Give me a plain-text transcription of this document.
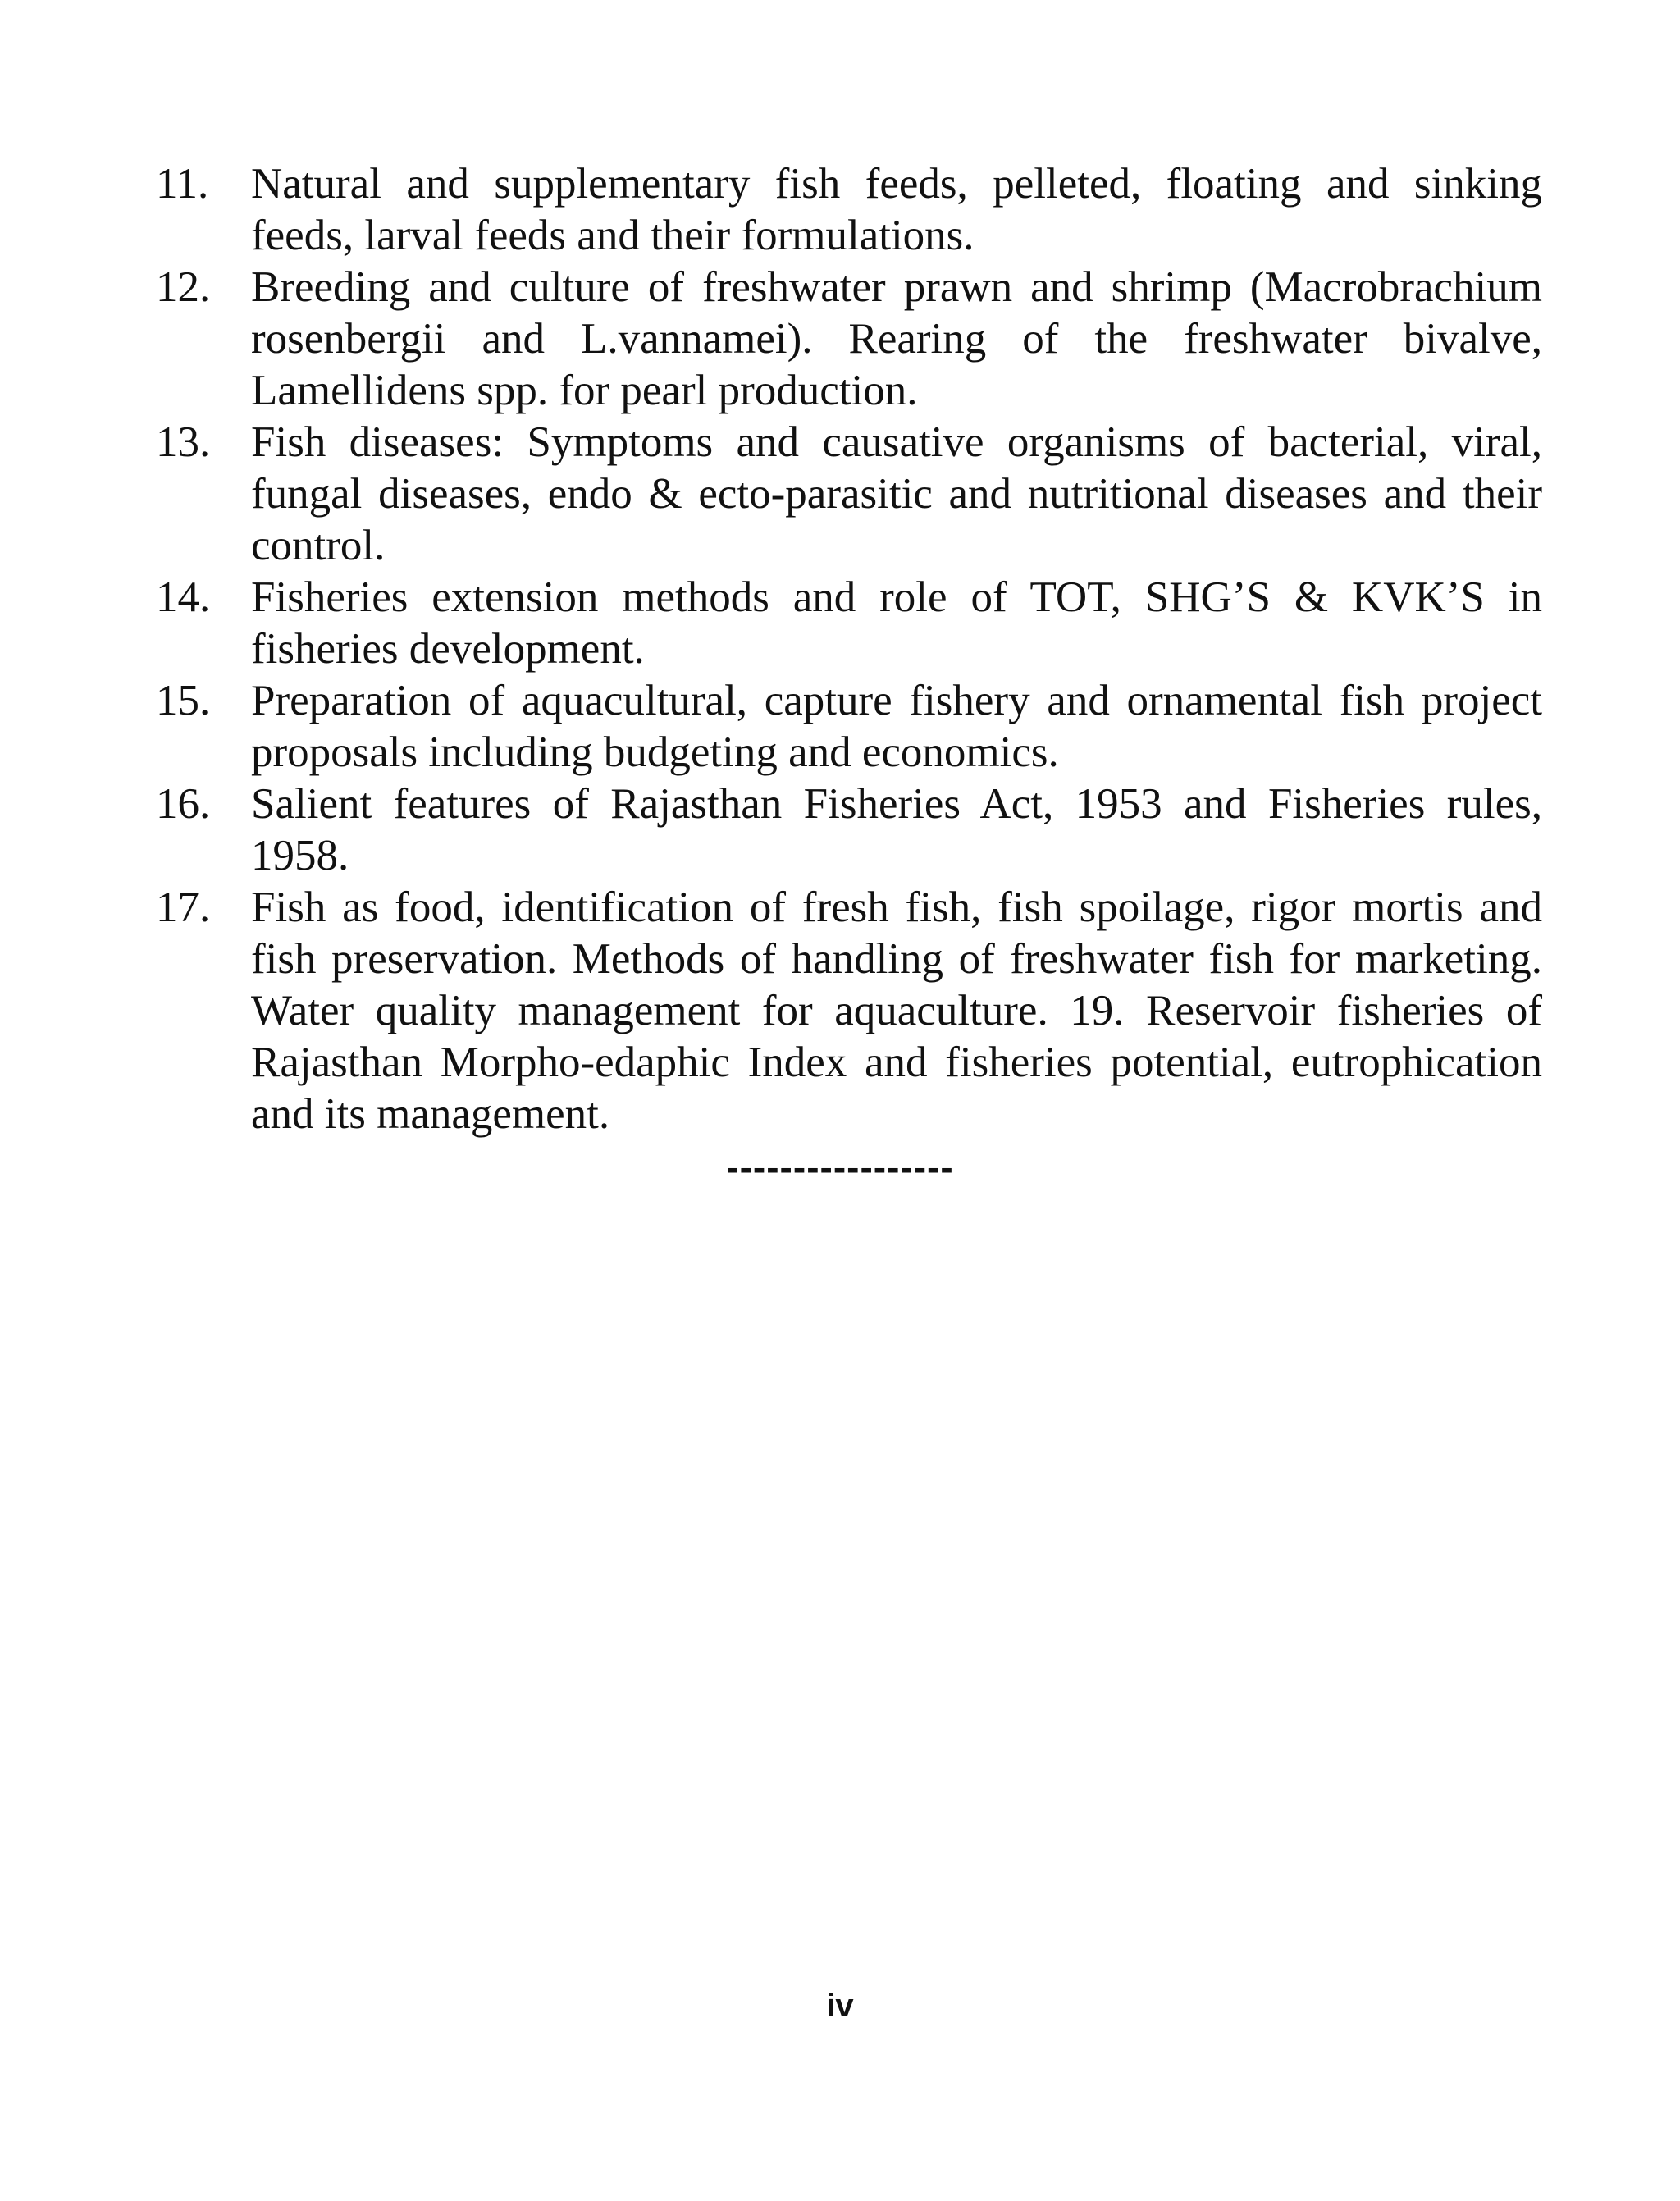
11. Natural and supplementary fish feeds, pelleted, floating and sinking feeds, larval feeds and their formulations.
12. Breeding and culture of freshwater prawn and shrimp (Macrobrachium rosenbergii and L.vannamei). Rearing of the freshwater bivalve, Lamellidens spp. for pearl production.
13. Fish diseases: Symptoms and causative organisms of bacterial, viral, fungal diseases, endo & ecto-parasitic and nutritional diseases and their control.
14. Fisheries extension methods and role of TOT, SHG’S & KVK’S in fisheries development.
15. Preparation of aquacultural, capture fishery and ornamental fish project proposals including budgeting and economics.
16. Salient features of Rajasthan Fisheries Act, 1953 and Fisheries rules, 1958.
17. Fish as food, identification of fresh fish, fish spoilage, rigor mortis and fish preservation. Methods of handling of freshwater fish for marketing. Water quality management for aquaculture. 19. Reservoir fisheries of Rajasthan Morpho-edaphic Index and fisheries potential, eutrophication and its management.
-----------------
iv
